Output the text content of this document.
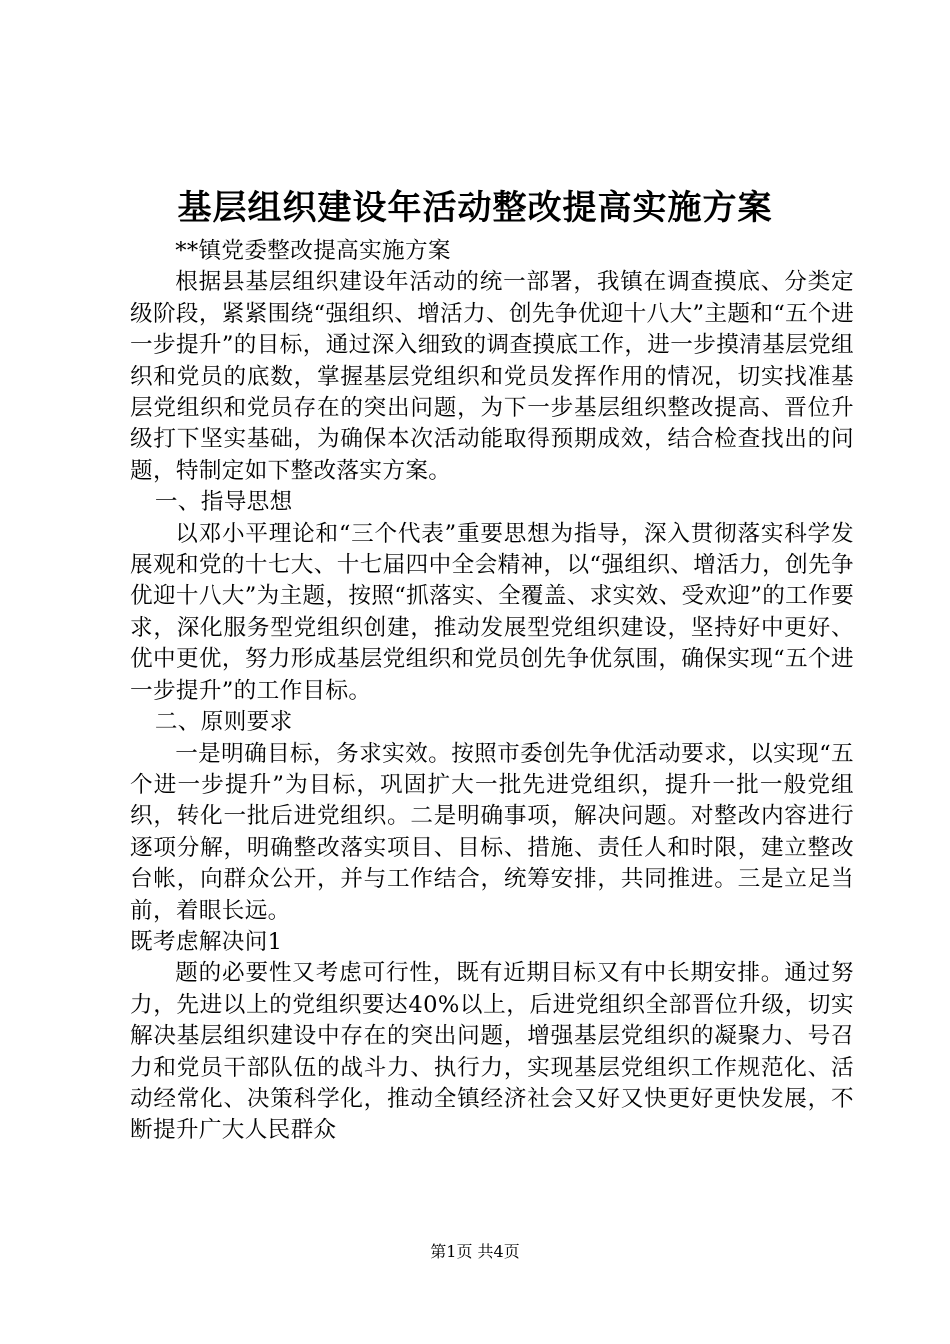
基层组织建设年活动整改提高实施方案

**镇党委整改提高实施方案

根据县基层组织建设年活动的统一部署，我镇在调查摸底、分类定级阶段，紧紧围绕“强组织、增活力、创先争优迎十八大”主题和“五个进一步提升”的目标，通过深入细致的调查摸底工作，进一步摸清基层党组织和党员的底数，掌握基层党组织和党员发挥作用的情况，切实找准基层党组织和党员存在的突出问题，为下一步基层组织整改提高、晋位升级打下坚实基础，为确保本次活动能取得预期成效，结合检查找出的问题，特制定如下整改落实方案。

一、指导思想

以邓小平理论和“三个代表”重要思想为指导，深入贯彻落实科学发展观和党的十七大、十七届四中全会精神，以“强组织、增活力，创先争优迎十八大”为主题，按照“抓落实、全覆盖、求实效、受欢迎”的工作要求，深化服务型党组织创建，推动发展型党组织建设，坚持好中更好、优中更优，努力形成基层党组织和党员创先争优氛围，确保实现“五个进一步提升”的工作目标。

二、原则要求

一是明确目标，务求实效。按照市委创先争优活动要求，以实现“五个进一步提升”为目标，巩固扩大一批先进党组织，提升一批一般党组织，转化一批后进党组织。二是明确事项，解决问题。对整改内容进行逐项分解，明确整改落实项目、目标、措施、责任人和时限，建立整改台帐，向群众公开，并与工作结合，统筹安排，共同推进。三是立足当前，着眼长远。

既考虑解决问1

题的必要性又考虑可行性，既有近期目标又有中长期安排。通过努力，先进以上的党组织要达40%以上，后进党组织全部晋位升级，切实解决基层组织建设中存在的突出问题，增强基层党组织的凝聚力、号召力和党员干部队伍的战斗力、执行力，实现基层党组织工作规范化、活动经常化、决策科学化，推动全镇经济社会又好又快更好更快发展，不断提升广大人民群众

第1页 共4页
